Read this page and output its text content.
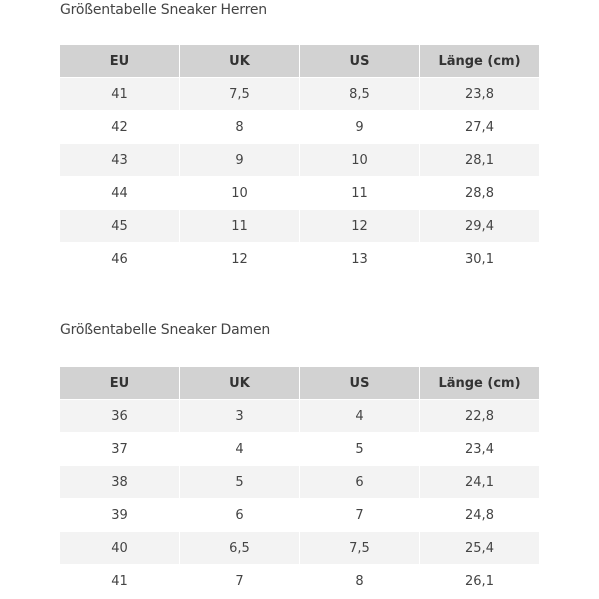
Größentabelle Sneaker Herren
EU	UK	US	Länge (cm)
41	7,5	8,5	23,8
42	8	9	27,4
43	9	10	28,1
44	10	11	28,8
45	11	12	29,4
46	12	13	30,1
Größentabelle Sneaker Damen
EU	UK	US	Länge (cm)
36	3	4	22,8
37	4	5	23,4
38	5	6	24,1
39	6	7	24,8
40	6,5	7,5	25,4
41	7	8	26,1
